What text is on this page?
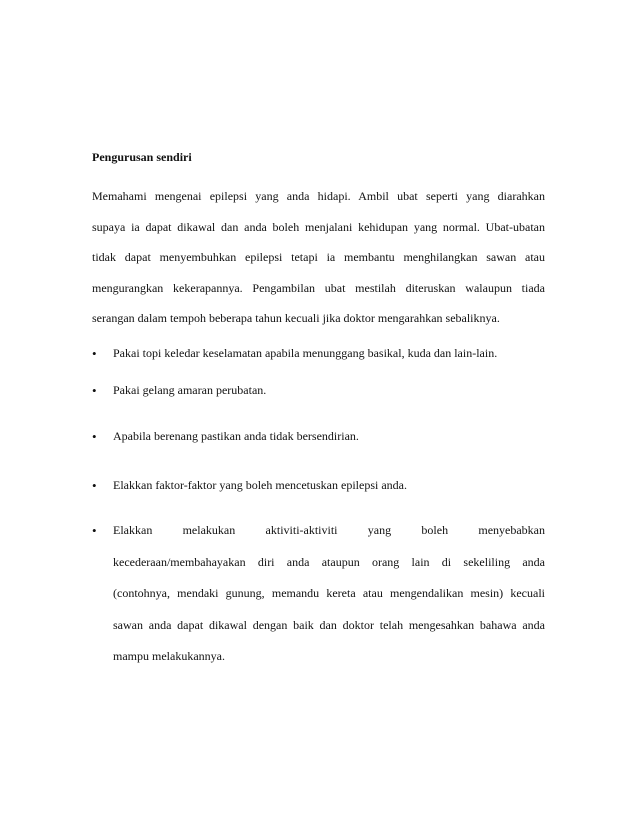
Pengurusan sendiri
Memahami mengenai epilepsi yang anda hidapi. Ambil ubat seperti yang diarahkan
supaya ia dapat dikawal dan anda boleh menjalani kehidupan yang normal. Ubat-ubatan
tidak dapat menyembuhkan epilepsi tetapi ia membantu menghilangkan sawan atau
mengurangkan kekerapannya. Pengambilan ubat mestilah diteruskan walaupun tiada
serangan dalam tempoh beberapa tahun kecuali jika doktor mengarahkan sebaliknya.
•	Pakai topi keledar keselamatan apabila menunggang basikal, kuda dan lain-lain.
•	Pakai gelang amaran perubatan.
•	Apabila berenang pastikan anda tidak bersendirian.
•	Elakkan faktor-faktor yang boleh mencetuskan epilepsi anda.
•	Elakkan melakukan aktiviti-aktiviti yang boleh menyebabkan
kecederaan/membahayakan diri anda ataupun orang lain di sekeliling anda
(contohnya, mendaki gunung, memandu kereta atau mengendalikan mesin) kecuali
sawan anda dapat dikawal dengan baik dan doktor telah mengesahkan bahawa anda
mampu melakukannya.
